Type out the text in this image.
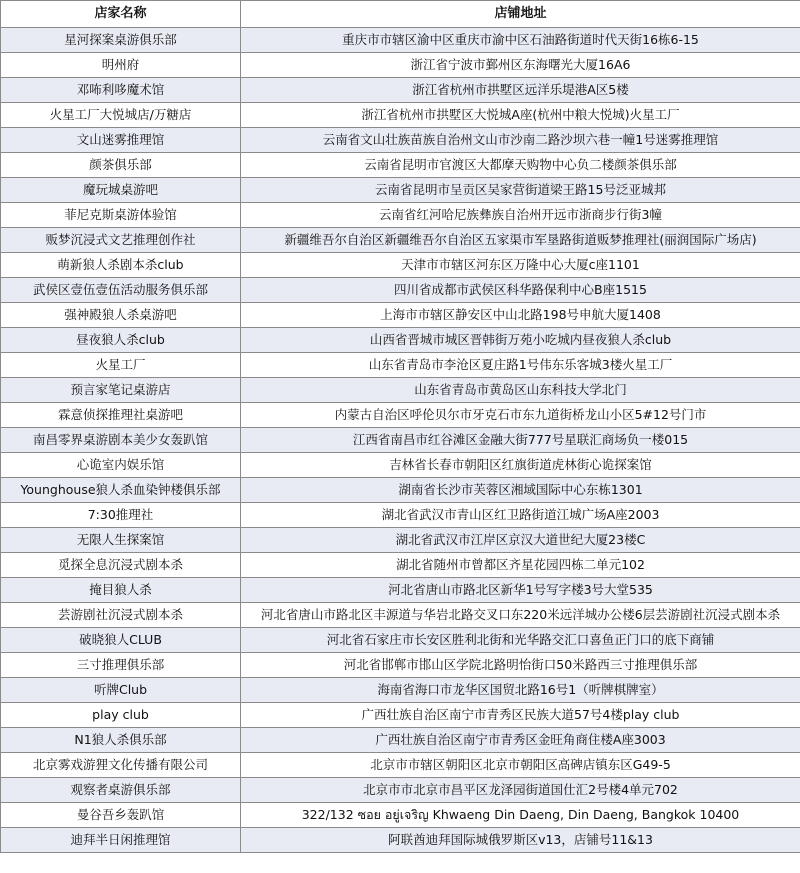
店家名称	店铺地址
星河探案桌游俱乐部	重庆市市辖区渝中区重庆市渝中区石油路街道时代天街16栋6-15
明州府	浙江省宁波市鄞州区东海曙光大厦16A6
邓咘利哆魔术馆	浙江省杭州市拱墅区远洋乐堤港A区5楼
火星工厂大悦城店/万糖店	浙江省杭州市拱墅区大悦城A座(杭州中粮大悦城)火星工厂
文山迷雾推理馆	云南省文山壮族苗族自治州文山市沙南二路沙坝六巷一幢1号迷雾推理馆
颜茶俱乐部	云南省昆明市官渡区大都摩天购物中心负二楼颜茶俱乐部
魔玩城桌游吧	云南省昆明市呈贡区吴家营街道梁王路15号泛亚城邦
菲尼克斯桌游体验馆	云南省红河哈尼族彝族自治州开远市浙商步行街3幢
贩梦沉浸式文艺推理创作社	新疆维吾尔自治区新疆维吾尔自治区五家渠市军垦路街道贩梦推理社(丽润国际广场店)
萌新狼人杀剧本杀club	天津市市辖区河东区万隆中心大厦c座1101
武侯区壹伍壹伍活动服务俱乐部	四川省成都市武侯区科华路保利中心B座1515
强神殿狼人杀桌游吧	上海市市辖区静安区中山北路198号申航大厦1408
昼夜狼人杀club	山西省晋城市城区晋韩街万苑小吃城内昼夜狼人杀club
火星工厂	山东省青岛市李沧区夏庄路1号伟东乐客城3楼火星工厂
预言家笔记桌游店	山东省青岛市黄岛区山东科技大学北门
霖意侦探推理社桌游吧	内蒙古自治区呼伦贝尔市牙克石市东九道街桥龙山小区5#12号门市
南昌零界桌游剧本美少女轰趴馆	江西省南昌市红谷滩区金融大街777号星联汇商场负一楼015
心诡室内娱乐馆	吉林省长春市朝阳区红旗街道虎林街心诡探案馆
Younghouse狼人杀血染钟楼俱乐部	湖南省长沙市芙蓉区湘域国际中心东栋1301
7:30推理社	湖北省武汉市青山区红卫路街道江城广场A座2003
无限人生探案馆	湖北省武汉市江岸区京汉大道世纪大厦23楼C
觅探全息沉浸式剧本杀	湖北省随州市曾都区齐星花园四栋二单元102
掩目狼人杀	河北省唐山市路北区新华1号写字楼3号大堂535
芸游剧社沉浸式剧本杀	河北省唐山市路北区丰源道与华岩北路交叉口东220米远洋城办公楼6层芸游剧社沉浸式剧本杀
破晓狼人CLUB	河北省石家庄市长安区胜利北街和光华路交汇口喜鱼正门口的底下商铺
三寸推理俱乐部	河北省邯郸市邯山区学院北路明怡街口50米路西三寸推理俱乐部
听牌Club	海南省海口市龙华区国贸北路16号1（听牌棋牌室）
play club	广西壮族自治区南宁市青秀区民族大道57号4楼play club
N1狼人杀俱乐部	广西壮族自治区南宁市青秀区金旺角商住楼A座3003
北京雾戏游狸文化传播有限公司	北京市市辖区朝阳区北京市朝阳区高碑店镇东区G49-5
观察者桌游俱乐部	北京市市北京市昌平区龙泽园街道国仕汇2号楼4单元702
曼谷吾乡轰趴馆	322/132 ซอย อยู่เจริญ Khwaeng Din Daeng, Din Daeng, Bangkok 10400
迪拜半日闲推理馆	阿联酋迪拜国际城俄罗斯区v13，店铺号11&13
